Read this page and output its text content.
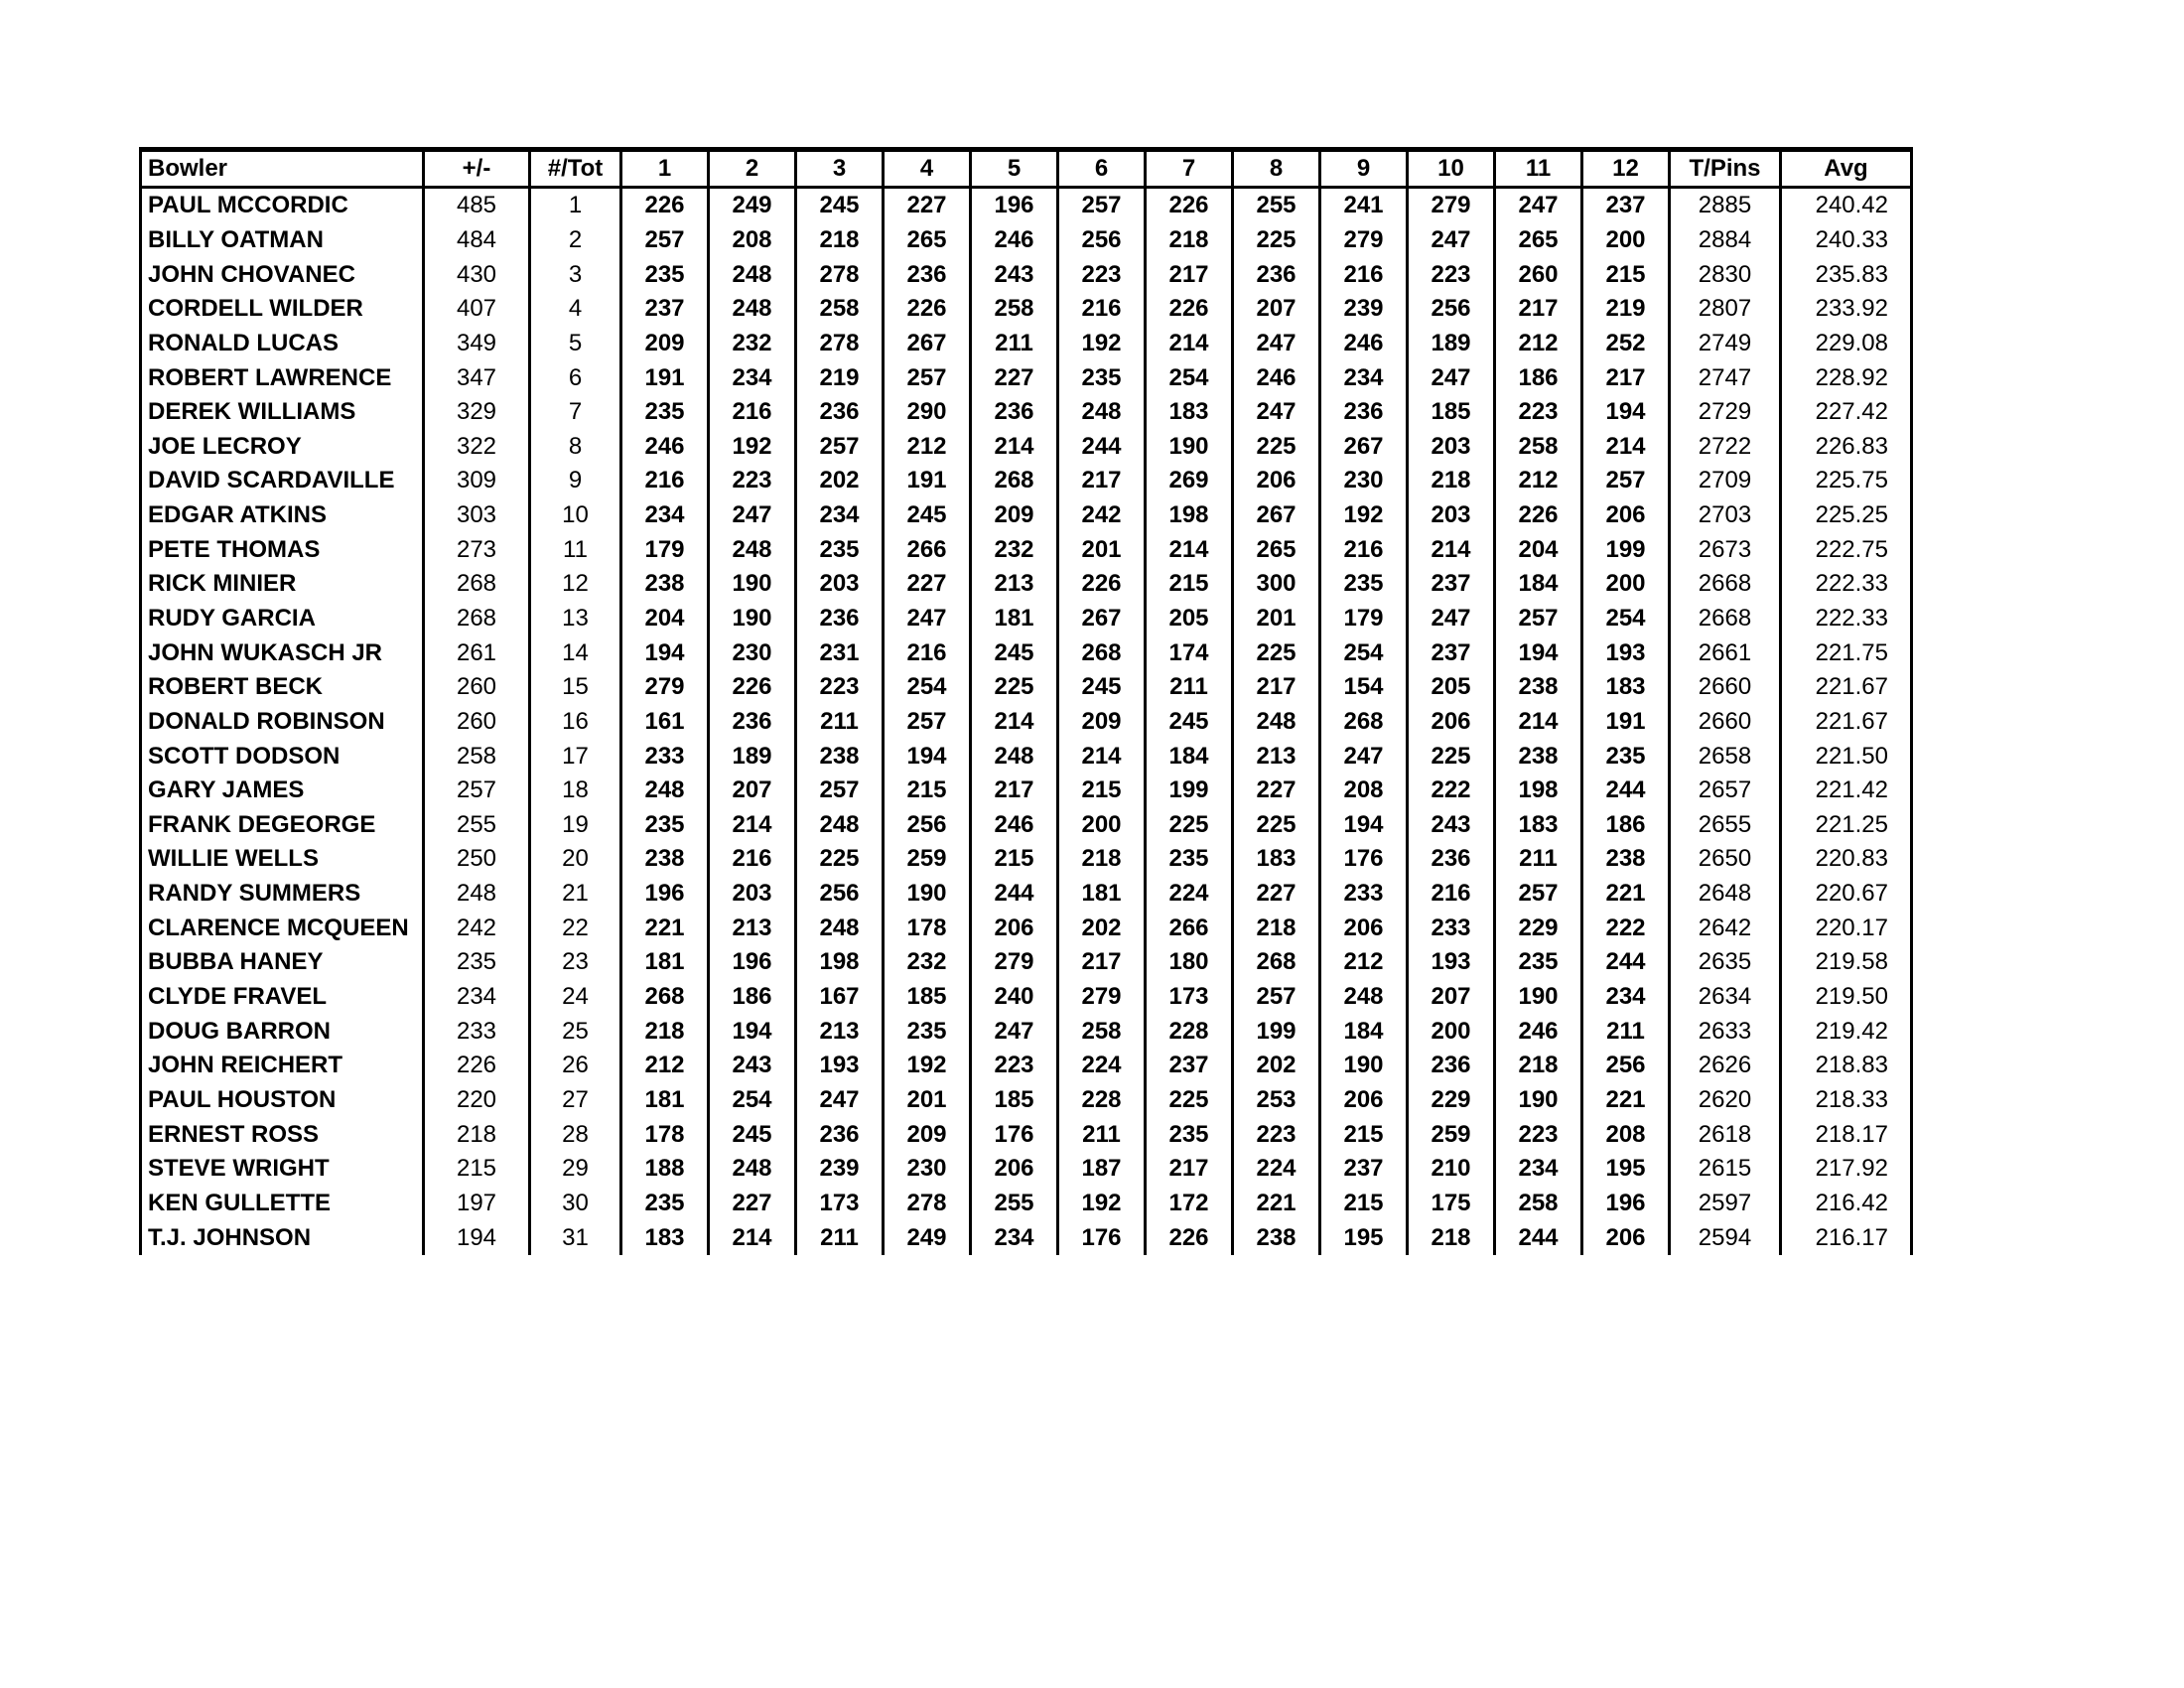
Bowler	+/-	#/Tot	1	2	3	4	5	6	7	8	9	10	11	12	T/Pins	Avg
PAUL MCCORDIC	485	1	226	249	245	227	196	257	226	255	241	279	247	237	2885	240.42
BILLY OATMAN	484	2	257	208	218	265	246	256	218	225	279	247	265	200	2884	240.33
JOHN CHOVANEC	430	3	235	248	278	236	243	223	217	236	216	223	260	215	2830	235.83
CORDELL WILDER	407	4	237	248	258	226	258	216	226	207	239	256	217	219	2807	233.92
RONALD LUCAS	349	5	209	232	278	267	211	192	214	247	246	189	212	252	2749	229.08
ROBERT LAWRENCE	347	6	191	234	219	257	227	235	254	246	234	247	186	217	2747	228.92
DEREK WILLIAMS	329	7	235	216	236	290	236	248	183	247	236	185	223	194	2729	227.42
JOE LECROY	322	8	246	192	257	212	214	244	190	225	267	203	258	214	2722	226.83
DAVID SCARDAVILLE	309	9	216	223	202	191	268	217	269	206	230	218	212	257	2709	225.75
EDGAR ATKINS	303	10	234	247	234	245	209	242	198	267	192	203	226	206	2703	225.25
PETE THOMAS	273	11	179	248	235	266	232	201	214	265	216	214	204	199	2673	222.75
RICK MINIER	268	12	238	190	203	227	213	226	215	300	235	237	184	200	2668	222.33
RUDY GARCIA	268	13	204	190	236	247	181	267	205	201	179	247	257	254	2668	222.33
JOHN WUKASCH JR	261	14	194	230	231	216	245	268	174	225	254	237	194	193	2661	221.75
ROBERT BECK	260	15	279	226	223	254	225	245	211	217	154	205	238	183	2660	221.67
DONALD ROBINSON	260	16	161	236	211	257	214	209	245	248	268	206	214	191	2660	221.67
SCOTT DODSON	258	17	233	189	238	194	248	214	184	213	247	225	238	235	2658	221.50
GARY JAMES	257	18	248	207	257	215	217	215	199	227	208	222	198	244	2657	221.42
FRANK DEGEORGE	255	19	235	214	248	256	246	200	225	225	194	243	183	186	2655	221.25
WILLIE WELLS	250	20	238	216	225	259	215	218	235	183	176	236	211	238	2650	220.83
RANDY SUMMERS	248	21	196	203	256	190	244	181	224	227	233	216	257	221	2648	220.67
CLARENCE MCQUEEN	242	22	221	213	248	178	206	202	266	218	206	233	229	222	2642	220.17
BUBBA HANEY	235	23	181	196	198	232	279	217	180	268	212	193	235	244	2635	219.58
CLYDE FRAVEL	234	24	268	186	167	185	240	279	173	257	248	207	190	234	2634	219.50
DOUG BARRON	233	25	218	194	213	235	247	258	228	199	184	200	246	211	2633	219.42
JOHN REICHERT	226	26	212	243	193	192	223	224	237	202	190	236	218	256	2626	218.83
PAUL HOUSTON	220	27	181	254	247	201	185	228	225	253	206	229	190	221	2620	218.33
ERNEST ROSS	218	28	178	245	236	209	176	211	235	223	215	259	223	208	2618	218.17
STEVE WRIGHT	215	29	188	248	239	230	206	187	217	224	237	210	234	195	2615	217.92
KEN GULLETTE	197	30	235	227	173	278	255	192	172	221	215	175	258	196	2597	216.42
T.J. JOHNSON	194	31	183	214	211	249	234	176	226	238	195	218	244	206	2594	216.17
